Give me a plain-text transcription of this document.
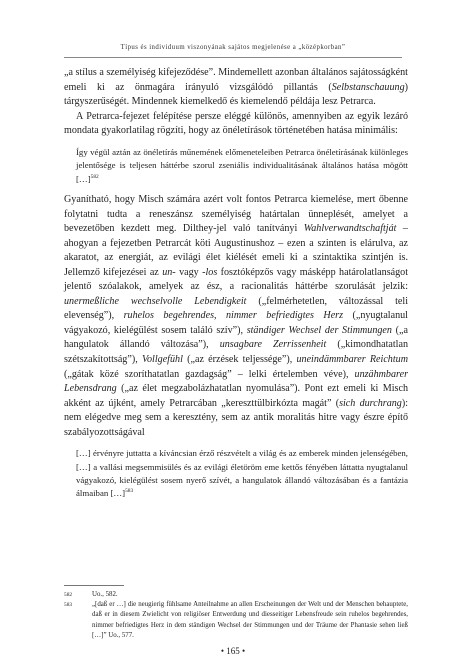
Típus és individuum viszonyának sajátos megjelenése a „középkorban”

„a stílus a személyiség kifejeződése”. Mindemellett azonban általános sajátosságként emeli ki az önmagára irányuló vizsgálódó pillantás (Selbstanschauung) tárgyszerűségét. Mindennek kiemelkedő és kiemelendő példája lesz Petrarca.

A Petrarca-fejezet felépítése persze eléggé különös, amennyiben az egyik lezáró mondata gyakorlatilag rögzíti, hogy az önéletírások történetében hatása minimális:

Így végül aztán az önéletírás műnemének előmeneteleiben Petrarca önéletírásának különleges jelentősége is teljesen háttérbe szorul zseniális individualitásának általános hatása mögött […]$^{582}$

Gyanítható, hogy Misch számára azért volt fontos Petrarca kiemelése, mert őbenne folytatni tudta a reneszánsz személyiség határtalan ünneplését, amelyet a bevezetőben kezdett meg. Dilthey-jel való tanítványi Wahlverwandtschaftját – ahogyan a fejezetben Petrarcát köti Augustinushoz – ezen a szinten is elárulva, az akaratot, az energiát, az evilági élet kiélését emeli ki a szintaktika szintjén is. Jellemző kifejezései az un- vagy -los fosztóképzős vagy másképp határolatlanságot jelentő szóalakok, amelyek az ész, a racionalitás háttérbe szorulását jelzik: unermeßliche wechselvolle Lebendigkeit („felmérhetetlen, változással teli elevenség”), ruhelos begehrendes, nimmer befriedigtes Herz („nyugtalanul vágyakozó, kielégülést sosem találó szív”), ständiger Wechsel der Stimmungen („a hangulatok állandó változása”), unsagbare Zerrissenheit („kimondhatatlan szétszakítottság”), Vollgefühl („az érzések teljessége”), uneindämmbarer Reichtum („gátak közé szoríthatatlan gazdagság” – lelki értelemben véve), unzähmbarer Lebensdrang („az élet megzabolázhatatlan nyomulása”). Pont ezt emeli ki Misch akként az újként, amely Petrarcában „kereszttülbirkózta magát” (sich durchrang): nem elégedve meg sem a keresztény, sem az antik moralitás hitre vagy észre építő szabályozottságával

[…] érvényre juttatta a kíváncsian érző részvételt a világ és az emberek minden jelenségében, […] a vallási megsemmisülés és az evilági életöröm eme kettős fényében láttatta nyugtalanul vágyakozó, kielégülést sosem nyerő szívét, a hangulatok állandó változásában és a fantázia álmaiban […]$^{583}$

582	Uo., 582.
583	„[daß er …] die neugierig fühlsame Anteilnahme an allen Erscheinungen der Welt und der Menschen behauptete, daß er in diesem Zwielicht von religiöser Entwerdung und diesseitiger Lebensfreude sein ruhelos begehrendes, nimmer befriedigtes Herz in dem ständigen Wechsel der Stimmungen und der Träume der Phantasie sehen ließ […]” Uo., 577.
• 165 •
